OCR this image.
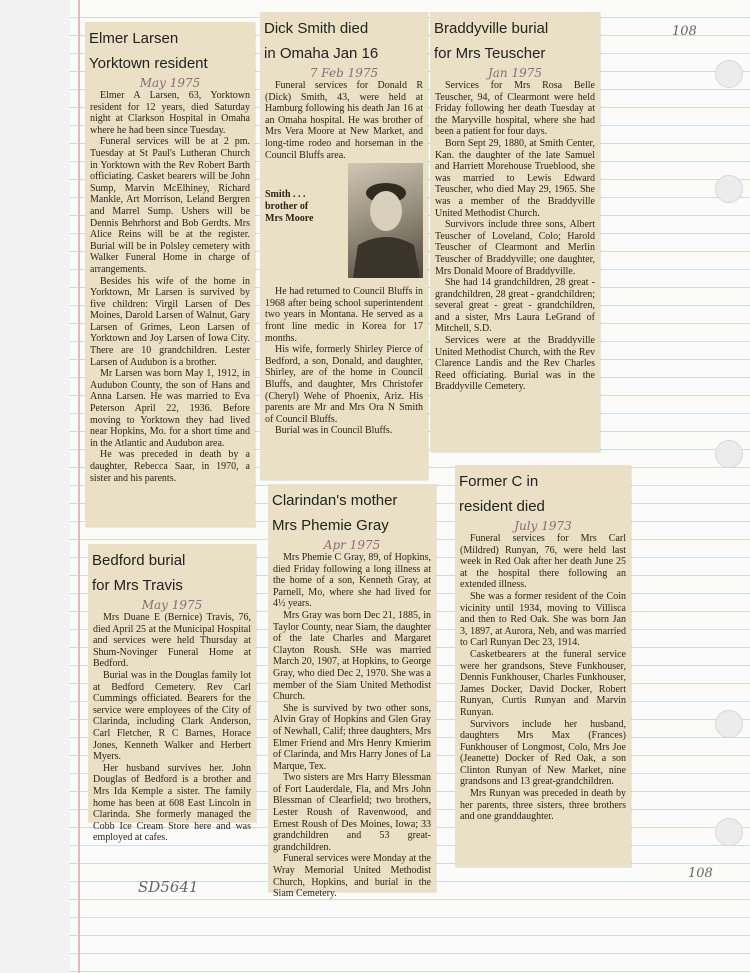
108
108
SD5641
Elmer Larsen
Yorktown resident
May 1975

Elmer A Larsen, 63, Yorktown resident for 12 years, died Saturday night at Clarkson Hospital in Omaha where he had been since Tuesday.

Funeral services will be at 2 pm. Tuesday at St Paul's Lutheran Church in Yorktown with the Rev Robert Barth officiating. Casket bearers will be John Sump, Marvin McElhiney, Richard Mankle, Art Morrison, Leland Bergren and Marrel Sump. Ushers will be Dennis Behrhorst and Bob Gerdts. Mrs Alice Reins will be at the register. Burial will be in Polsley cemetery with Walker Funeral Home in charge of arrangements.

Besides his wife of the home in Yorktown, Mr Larsen is survived by five children: Virgil Larsen of Des Moines, Darold Larsen of Walnut, Gary Larsen of Grimes, Leon Larsen of Yorktown and Joy Larsen of Iowa City. There are 10 grandchildren. Lester Larsen of Audubon is a brother.

Mr Larsen was born May 1, 1912, in Audubon County, the son of Hans and Anna Larsen. He was married to Eva Peterson April 22, 1936. Before moving to Yorktown they had lived near Hopkins, Mo. for a short time and in the Atlantic and Audubon area.

He was preceded in death by a daughter, Rebecca Saar, in 1970, a sister and his parents.

Dick Smith died
in Omaha Jan 16
7 Feb 1975

Funeral services for Donald R (Dick) Smith, 43, were held at Hamburg following his death Jan 16 at an Omaha hospital. He was brother of Mrs Vera Moore at New Market, and long-time rodeo and horseman in the Council Bluffs area.

Smith . . .
brother of
Mrs Moore

He had returned to Council Bluffs in 1968 after being school superintendent two years in Montana. He served as a front line medic in Korea for 17 months.

His wife, formerly Shirley Pierce of Bedford, a son, Donald, and daughter, Shirley, are of the home in Council Bluffs, and daughter, Mrs Christofer (Cheryl) Wehe of Phoenix, Ariz. His parents are Mr and Mrs Ora N Smith of Council Bluffs.

Burial was in Council Bluffs.

Braddyville burial
for Mrs Teuscher
Jan 1975

Services for Mrs Rosa Belle Teuscher, 94, of Clearmont were held Friday following her death Tuesday at the Maryville hospital, where she had been a patient for four days.

Born Sept 29, 1880, at Smith Center, Kan. the daughter of the late Samuel and Harriett Morehouse Trueblood, she was married to Lewis Edward Teuscher, who died May 29, 1965. She was a member of the Braddyville United Methodist Church.

Survivors include three sons, Albert Teuscher of Loveland, Colo; Harold Teuscher of Clearmont and Merlin Teuscher of Braddyville; one daughter, Mrs Donald Moore of Braddyville.

She had 14 grandchildren, 28 great - grandchildren, 28 great - grandchildren; several great - great - grandchildren, and a sister, Mrs Laura LeGrand of Mitchell, S.D.

Services were at the Braddyville United Methodist Church, with the Rev Clarence Landis and the Rev Charles Reed officiating. Burial was in the Braddyville Cemetery.

Clarindan's mother
Mrs Phemie Gray
Apr 1975

Mrs Phemie C Gray, 89, of Hopkins, died Friday following a long illness at the home of a son, Kenneth Gray, at Parnell, Mo, where she had lived for 4½ years.

Mrs Gray was born Dec 21, 1885, in Taylor County, near Siam, the daughter of the late Charles and Margaret Clayton Roush. SHe was married March 20, 1907, at Hopkins, to George Gray, who died Dec 2, 1970. She was a member of the Siam United Methodist Church.

She is survived by two other sons, Alvin Gray of Hopkins and Glen Gray of Newhall, Calif; three daughters, Mrs Elmer Friend and Mrs Henry Kmierim of Clarinda, and Mrs Harry Jones of La Marque, Tex.

Two sisters are Mrs Harry Blessman of Fort Lauderdale, Fla, and Mrs John Blessman of Clearfield; two brothers, Lester Roush of Ravenwood, and Ernest Roush of Des Moines, Iowa; 33 grandchildren and 53 great-grandchildren.

Funeral services were Monday at the Wray Memorial United Methodist Church, Hopkins, and burial in the Siam Cemetery.

Former C in
resident died
July 1973

Funeral services for Mrs Carl (Mildred) Runyan, 76, were held last week in Red Oak after her death June 25 at the hospital there following an extended illness.

She was a former resident of the Coin vicinity until 1934, moving to Villisca and then to Red Oak. She was born Jan 3, 1897, at Aurora, Neb, and was married to Carl Runyan Dec 23, 1914.

Casketbearers at the funeral service were her grandsons, Steve Funkhouser, Dennis Funkhouser, Charles Funkhouser, James Docker, David Docker, Robert Runyan, Curtis Runyan and Marvin Runyan.

Survivors include her husband, daughters Mrs Max (Frances) Funkhouser of Longmost, Colo, Mrs Joe (Jeanette) Docker of Red Oak, a son Clinton Runyan of New Market, nine grandsons and 13 great-grandchildren.

Mrs Runyan was preceded in death by her parents, three sisters, three brothers and one granddaughter.

Bedford burial
for Mrs Travis
May 1975

Mrs Duane E (Bernice) Travis, 76, died April 25 at the Municipal Hospital and services were held Thursday at Shum-Novinger Funeral Home at Bedford.

Burial was in the Douglas family lot at Bedford Cemetery. Rev Carl Cummings officiated. Bearers for the service were employees of the City of Clarinda, including Clark Anderson, Carl Fletcher, R C Barnes, Horace Jones, Kenneth Walker and Herbert Myers.

Her husband survives her. John Douglas of Bedford is a brother and Mrs Ida Kemple a sister. The family home has been at 608 East Lincoln in Clarinda. She formerly managed the Cobb Ice Cream Store here and was employed at cafes.
